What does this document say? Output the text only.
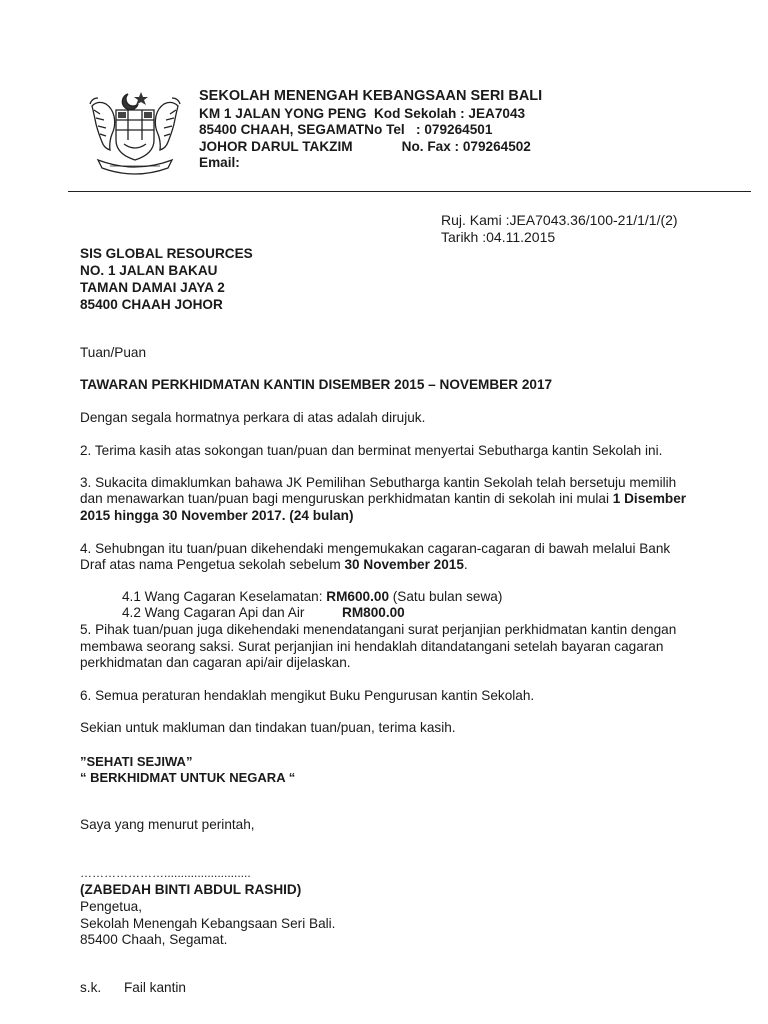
SEKOLAH MENENGAH KEBANGSAAN SERI BALI
KM 1 JALAN YONG PENG  Kod Sekolah : JEA7043
85400 CHAAH, SEGAMATNo Tel   : 079264501
JOHOR DARUL TAKZIM             No. Fax : 079264502
Email:
Ruj. Kami :JEA7043.36/100-21/1/1/(2)
Tarikh :04.11.2015
SIS GLOBAL RESOURCES
NO. 1 JALAN BAKAU
TAMAN DAMAI JAYA 2
85400 CHAAH JOHOR
Tuan/Puan
TAWARAN PERKHIDMATAN KANTIN DISEMBER 2015 – NOVEMBER 2017
Dengan segala hormatnya perkara di atas adalah dirujuk.
2. Terima kasih atas sokongan tuan/puan dan berminat menyertai Sebutharga kantin Sekolah ini.
3. Sukacita dimaklumkan bahawa JK Pemilihan Sebutharga kantin Sekolah telah bersetuju memilih
dan menawarkan tuan/puan bagi menguruskan perkhidmatan kantin di sekolah ini mulai 1 Disember
2015 hingga 30 November 2017. (24 bulan)
4. Sehubngan itu tuan/puan dikehendaki mengemukakan cagaran-cagaran di bawah melalui Bank
Draf atas nama Pengetua sekolah sebelum 30 November 2015.
4.1 Wang Cagaran Keselamatan: RM600.00 (Satu bulan sewa)
4.2 Wang Cagaran Api dan Air	RM800.00
5. Pihak tuan/puan juga dikehendaki menendatangani surat perjanjian perkhidmatan kantin dengan
membawa seorang saksi. Surat perjanjian ini hendaklah ditandatangani setelah bayaran cagaran
perkhidmatan dan cagaran api/air dijelaskan.
6. Semua peraturan hendaklah mengikut Buku Pengurusan kantin Sekolah.
Sekian untuk makluman dan tindakan tuan/puan, terima kasih.
”SEHATI SEJIWA”
“ BERKHIDMAT UNTUK NEGARA “
Saya yang menurut perintah,
…………………..........................
(ZABEDAH BINTI ABDUL RASHID)
Pengetua,
Sekolah Menengah Kebangsaan Seri Bali.
85400 Chaah, Segamat.
s.k. Fail kantin
